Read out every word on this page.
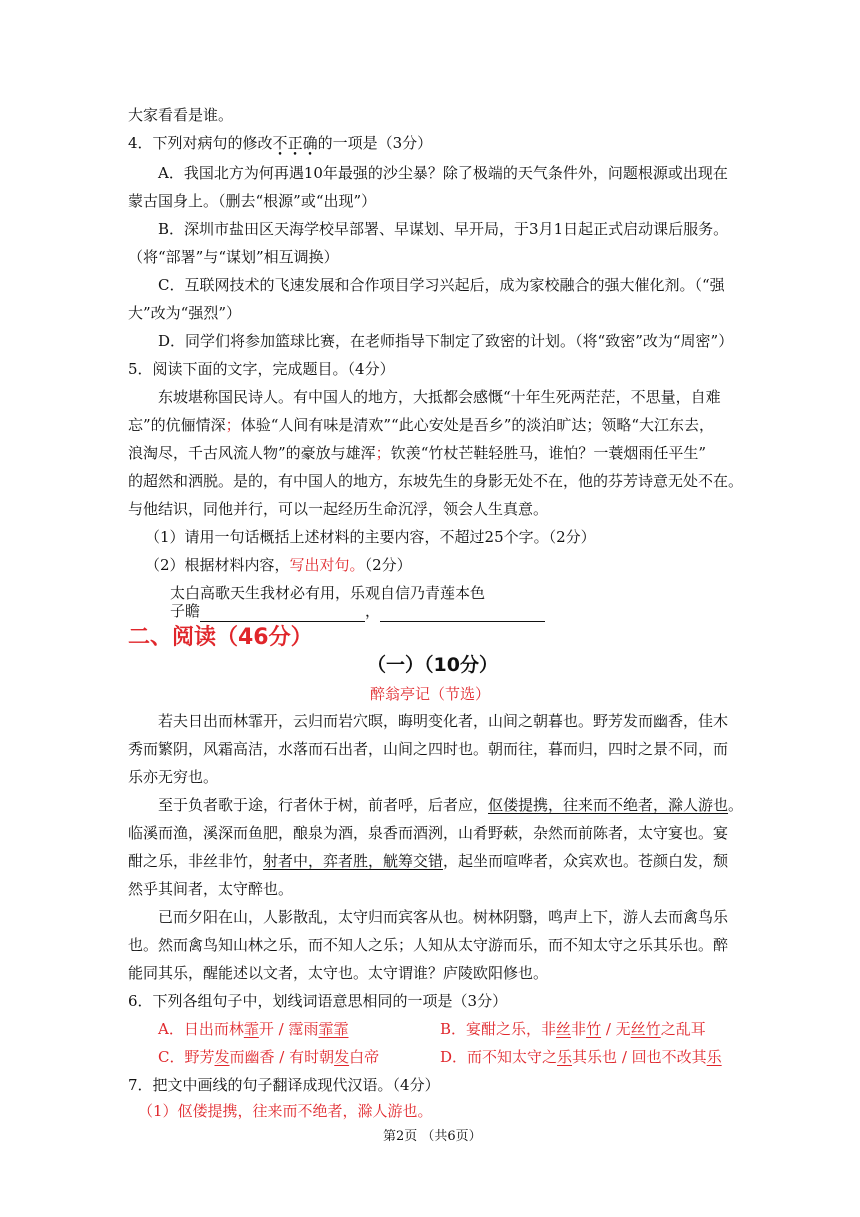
大家看看是谁。
4．下列对病句的修改不正确的一项是（3分）
A．我国北方为何再遇10年最强的沙尘暴？除了极端的天气条件外，问题根源或出现在
蒙古国身上。（删去“根源”或“出现”）
B．深圳市盐田区天海学校早部署、早谋划、早开局，于3月1日起正式启动课后服务。
（将“部署”与“谋划”相互调换）
C．互联网技术的飞速发展和合作项目学习兴起后，成为家校融合的强大催化剂。（“强
大”改为“强烈”）
D．同学们将参加篮球比赛，在老师指导下制定了致密的计划。（将“致密”改为“周密”）
5．阅读下面的文字，完成题目。（4分）
东坡堪称国民诗人。有中国人的地方，大抵都会感慨“十年生死两茫茫，不思量，自难
忘”的伉俪情深；体验“人间有味是清欢”“此心安处是吾乡”的淡泊旷达；领略“大江东去，
浪淘尽，千古风流人物”的豪放与雄浑；钦羡“竹杖芒鞋轻胜马，谁怕？一蓑烟雨任平生”
的超然和洒脱。是的，有中国人的地方，东坡先生的身影无处不在，他的芬芳诗意无处不在。
与他结识，同他并行，可以一起经历生命沉浮，领会人生真意。
（1）请用一句话概括上述材料的主要内容，不超过25个字。（2分）
（2）根据材料内容，写出对句。（2分）
太白高歌天生我材必有用，乐观自信乃青莲本色
子瞻	，
二、阅读（46分）
（一）（10分）
醉翁亭记（节选）
若夫日出而林霏开，云归而岩穴暝，晦明变化者，山间之朝暮也。野芳发而幽香，佳木
秀而繁阴，风霜高洁，水落而石出者，山间之四时也。朝而往，暮而归，四时之景不同，而
乐亦无穷也。
至于负者歌于途，行者休于树，前者呼，后者应，伛偻提携，往来而不绝者，滁人游也。
临溪而渔，溪深而鱼肥，酿泉为酒，泉香而酒洌，山肴野蔌，杂然而前陈者，太守宴也。宴
酣之乐，非丝非竹，射者中，弈者胜，觥筹交错，起坐而喧哗者，众宾欢也。苍颜白发，颓
然乎其间者，太守醉也。
已而夕阳在山，人影散乱，太守归而宾客从也。树林阴翳，鸣声上下，游人去而禽鸟乐
也。然而禽鸟知山林之乐，而不知人之乐；人知从太守游而乐，而不知太守之乐其乐也。醉
能同其乐，醒能述以文者，太守也。太守谓谁？庐陵欧阳修也。
6．下列各组句子中，划线词语意思相同的一项是（3分）
A．日出而林霏开 / 霪雨霏霏	B．宴酣之乐，非丝非竹 / 无丝竹之乱耳
C．野芳发而幽香 / 有时朝发白帝	D．而不知太守之乐其乐也 / 回也不改其乐
7．把文中画线的句子翻译成现代汉语。（4分）
（1）伛偻提携，往来而不绝者，滁人游也。
第2页 （共6页）
